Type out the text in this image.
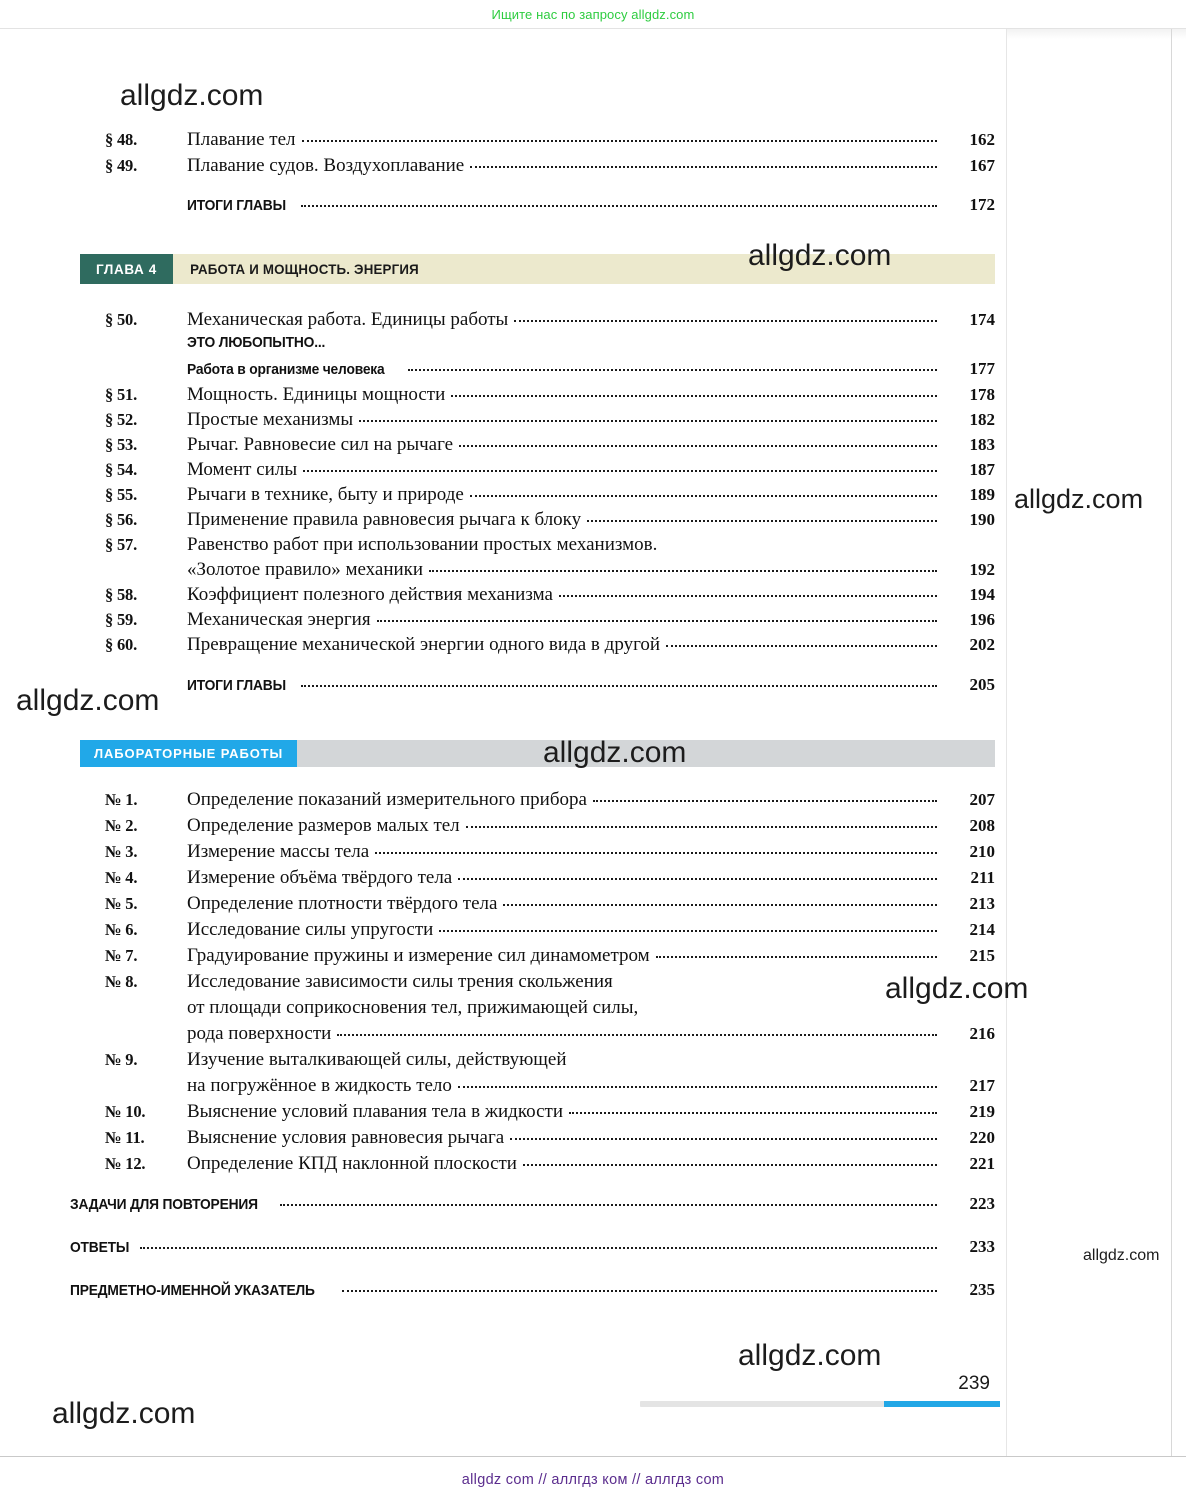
Ищите нас по запросу allgdz.com
§ 48.	Плавание тел	162
§ 49.	Плавание судов. Воздухоплавание	167
ИТОГИ ГЛАВЫ	172
ГЛАВА 4	РАБОТА И МОЩНОСТЬ. ЭНЕРГИЯ
§ 50.	Механическая работа. Единицы работы	174
ЭТО ЛЮБОПЫТНО...
Работа в организме человека	177
§ 51.	Мощность. Единицы мощности	178
§ 52.	Простые механизмы	182
§ 53.	Рычаг. Равновесие сил на рычаге	183
§ 54.	Момент силы	187
§ 55.	Рычаги в технике, быту и природе	189
§ 56.	Применение правила равновесия рычага к блоку	190
§ 57.	Равенство работ при использовании простых механизмов.
«Золотое правило» механики	192
§ 58.	Коэффициент полезного действия механизма	194
§ 59.	Механическая энергия	196
§ 60.	Превращение механической энергии одного вида в другой	202
ИТОГИ ГЛАВЫ	205
ЛАБОРАТОРНЫЕ РАБОТЫ
№ 1.	Определение показаний измерительного прибора	207
№ 2.	Определение размеров малых тел	208
№ 3.	Измерение массы тела	210
№ 4.	Измерение объёма твёрдого тела	211
№ 5.	Определение плотности твёрдого тела	213
№ 6.	Исследование силы упругости	214
№ 7.	Градуирование пружины и измерение сил динамометром	215
№ 8.	Исследование зависимости силы трения скольжения
от площади соприкосновения тел, прижимающей силы,
рода поверхности	216
№ 9.	Изучение выталкивающей силы, действующей
на погружённое в жидкость тело	217
№ 10.	Выяснение условий плавания тела в жидкости	219
№ 11.	Выяснение условия равновесия рычага	220
№ 12.	Определение КПД наклонной плоскости	221
ЗАДАЧИ ДЛЯ ПОВТОРЕНИЯ	223
ОТВЕТЫ	233
ПРЕДМЕТНО-ИМЕННОЙ УКАЗАТЕЛЬ	235
239
allgdz.com
allgdz.com
allgdz.com
allgdz.com
allgdz.com
allgdz.com
allgdz.com
allgdz.com
allgdz.com
allgdz com // аллгдз ком // аллгдз com
